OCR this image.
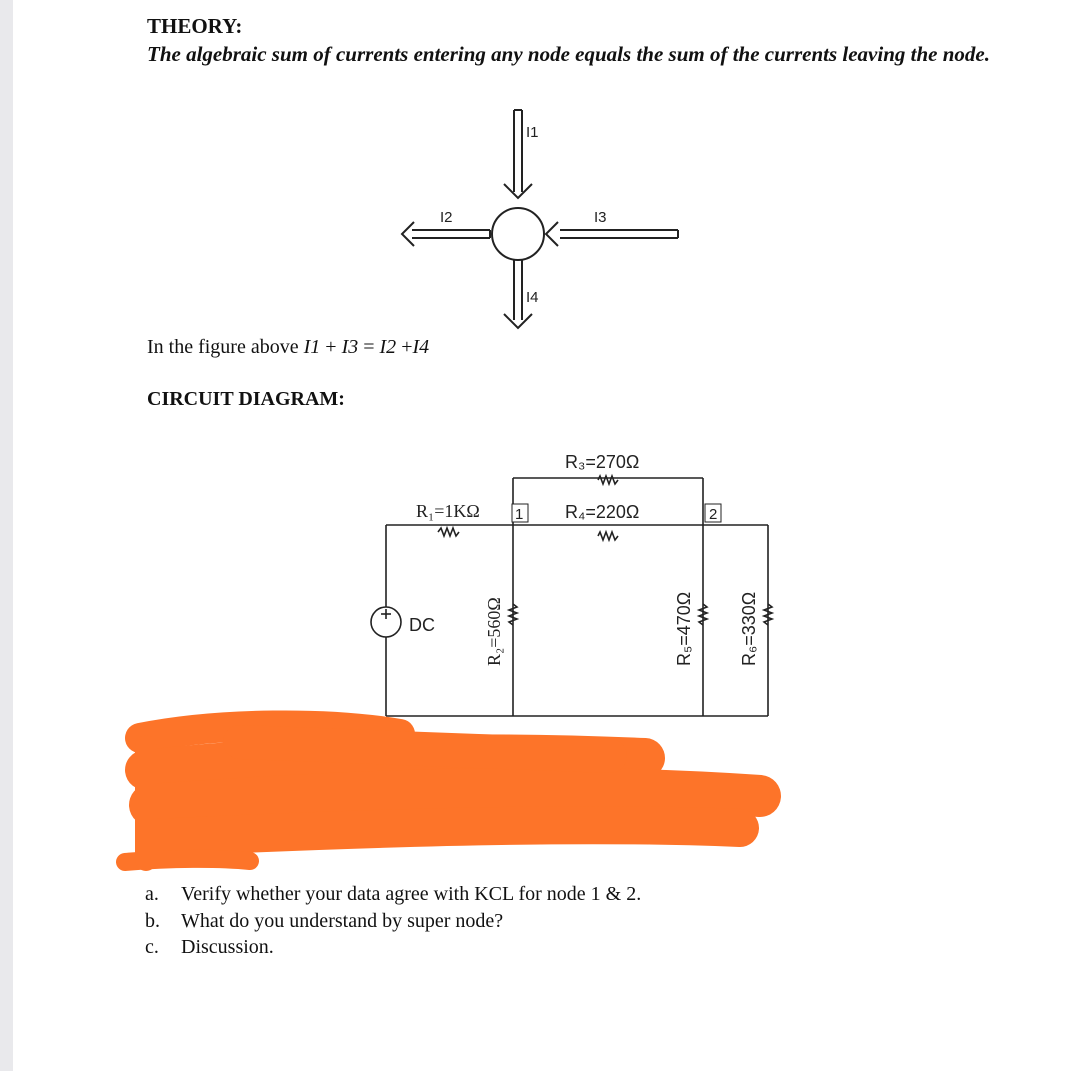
THEORY:
The algebraic sum of currents entering any node equals the sum of the currents leaving the node.
I1
I2	I3
I4
In the figure above I1 + I3 = I2 +I4
CIRCUIT DIAGRAM:
R₁=1KΩ
R₃=270Ω
R₄=220Ω
1	2
DC	R₂=560Ω	R₅=470Ω	R₆=330Ω
a.	Verify whether your data agree with KCL for node 1 & 2.
b.	What do you understand by super node?
c.	Discussion.
